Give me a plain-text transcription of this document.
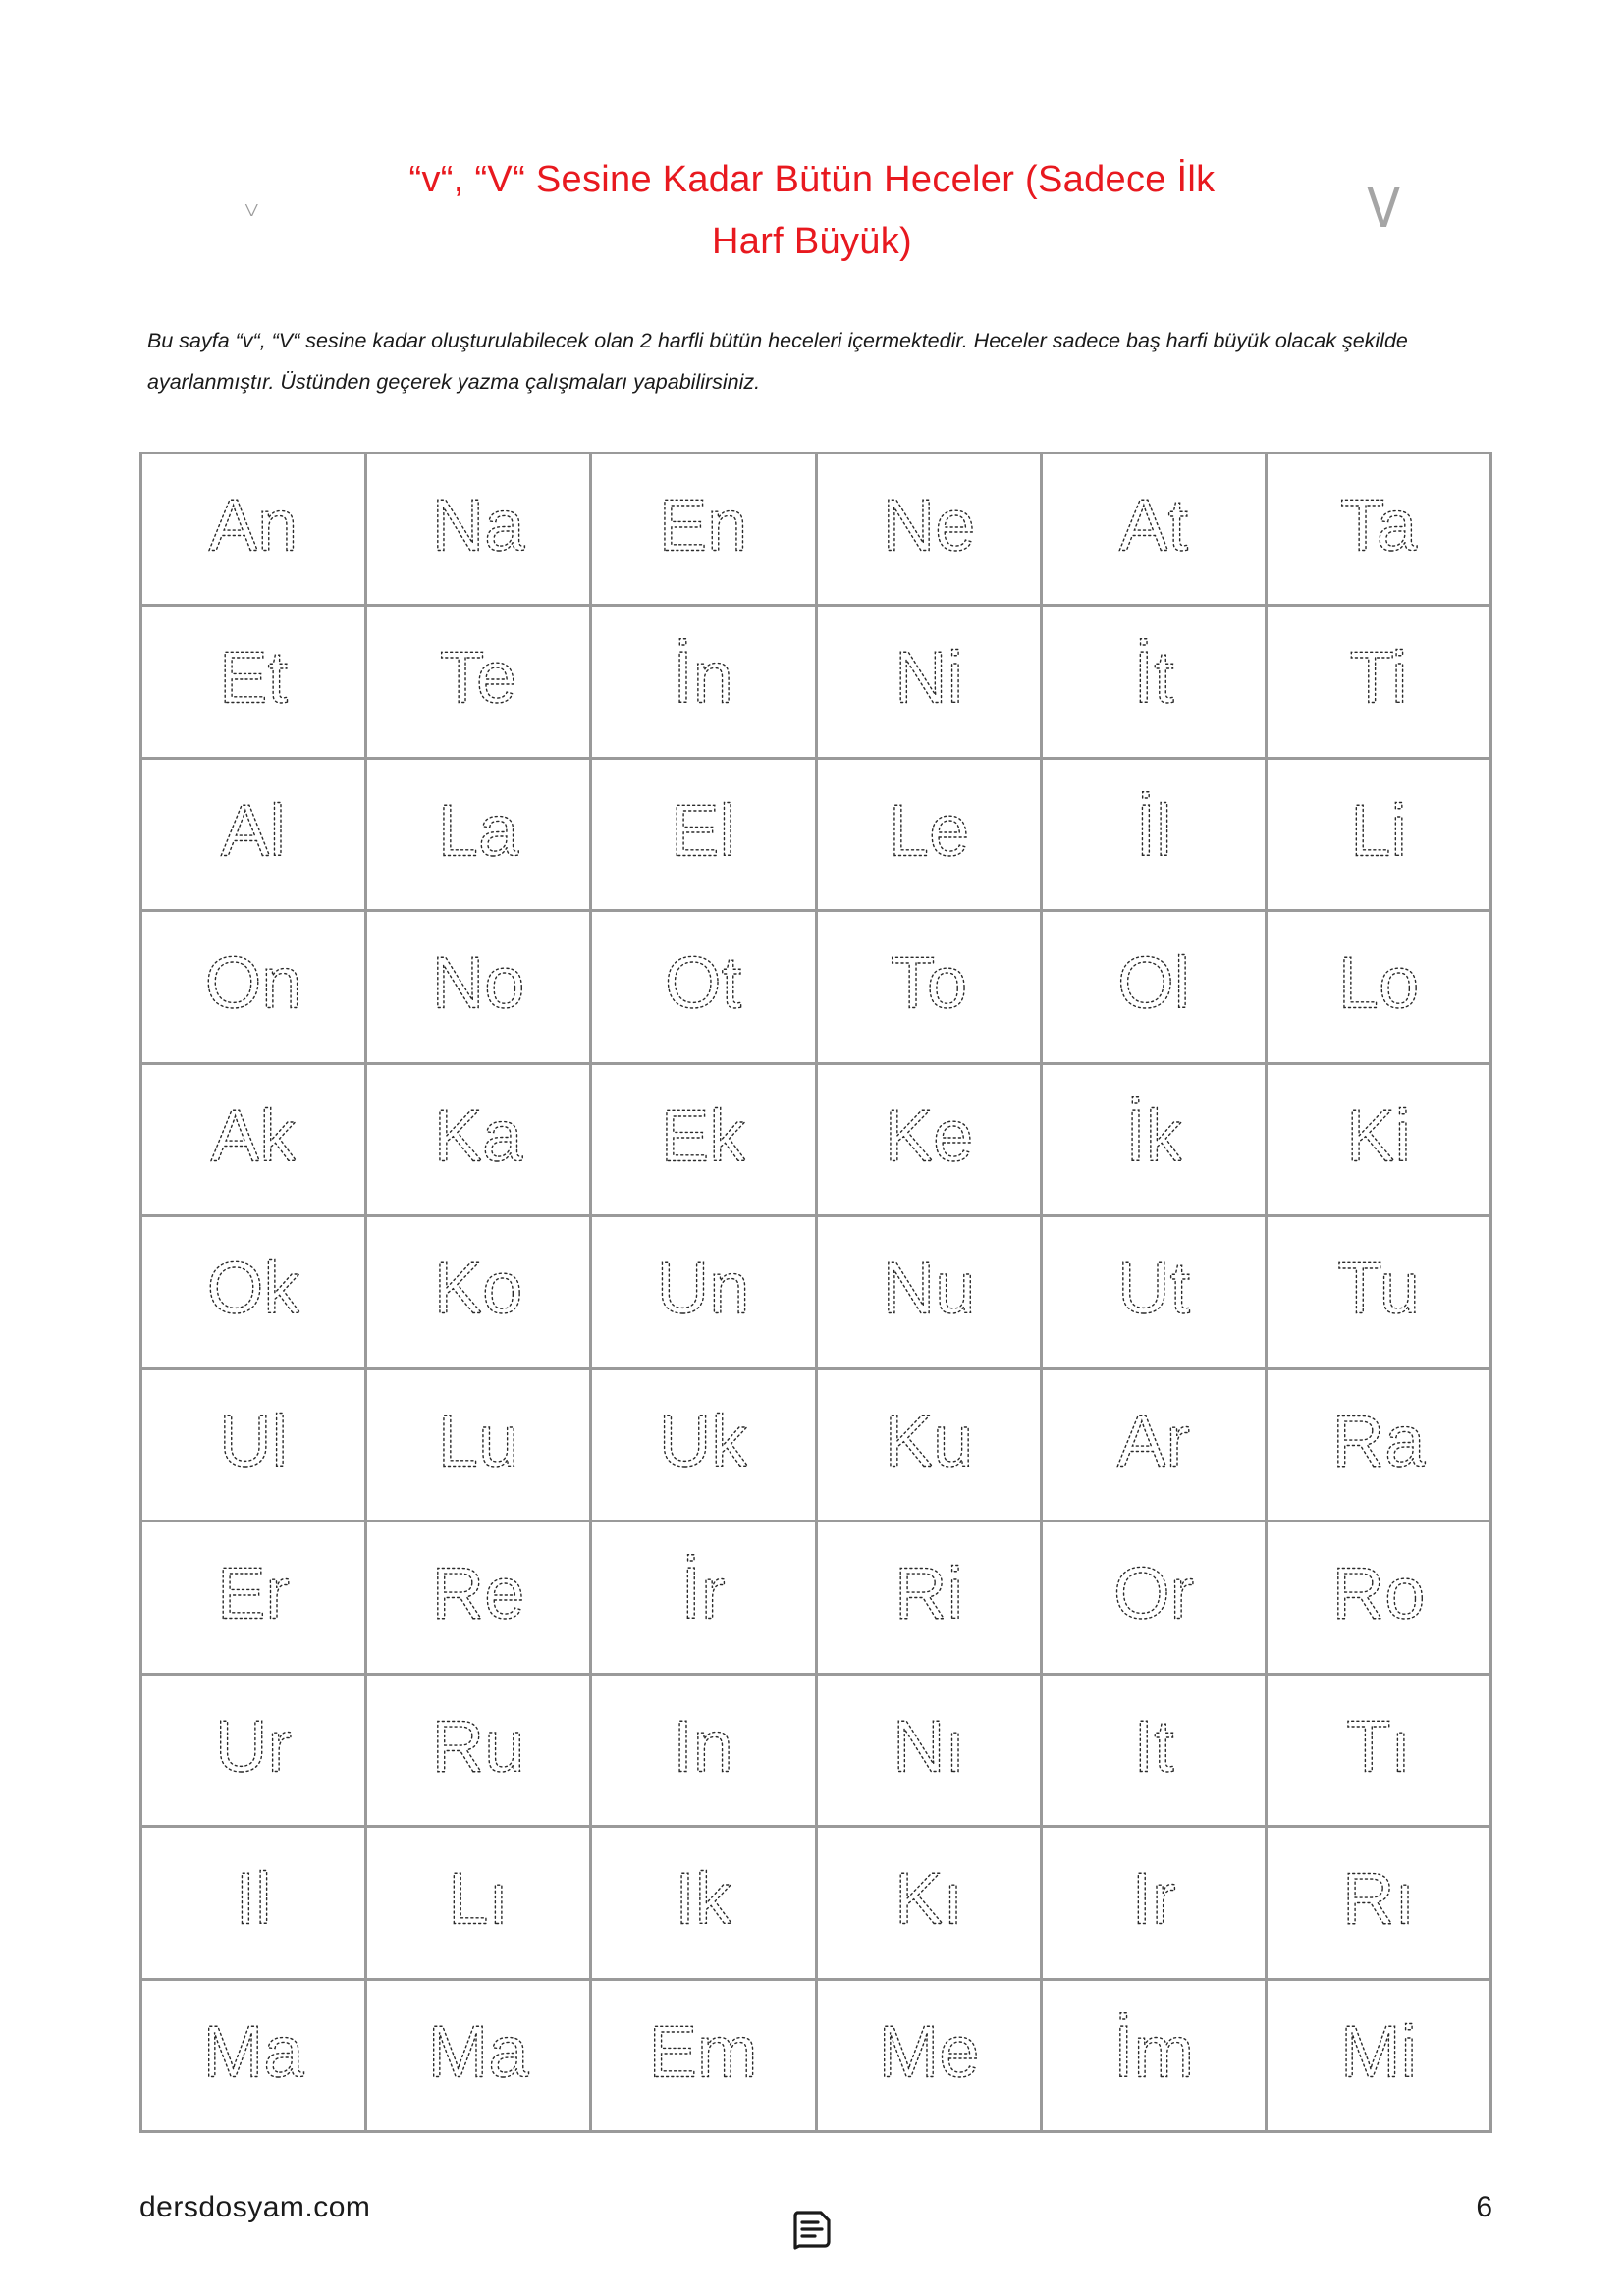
“v“, “V“ Sesine Kadar Bütün Heceler (Sadece İlk
Harf Büyük)
v	V
Bu sayfa “v“, “V“ sesine kadar oluşturulabilecek olan 2 harfli bütün heceleri içermektedir. Heceler sadece baş harfi büyük olacak şekilde ayarlanmıştır. Üstünden geçerek yazma çalışmaları yapabilirsiniz.
An Na En Ne At Ta
Et Te İn Ni İt Ti
Al La El Le İl Li
On No Ot To Ol Lo
Ak Ka Ek Ke İk Ki
Ok Ko Un Nu Ut Tu
Ul Lu Uk Ku Ar Ra
Er Re İr Ri Or Ro
Ur Ru In Nı It Tı
Il Lı Ik Kı Ir Rı
Ma Ma Em Me İm Mi
dersdosyam.com	6
